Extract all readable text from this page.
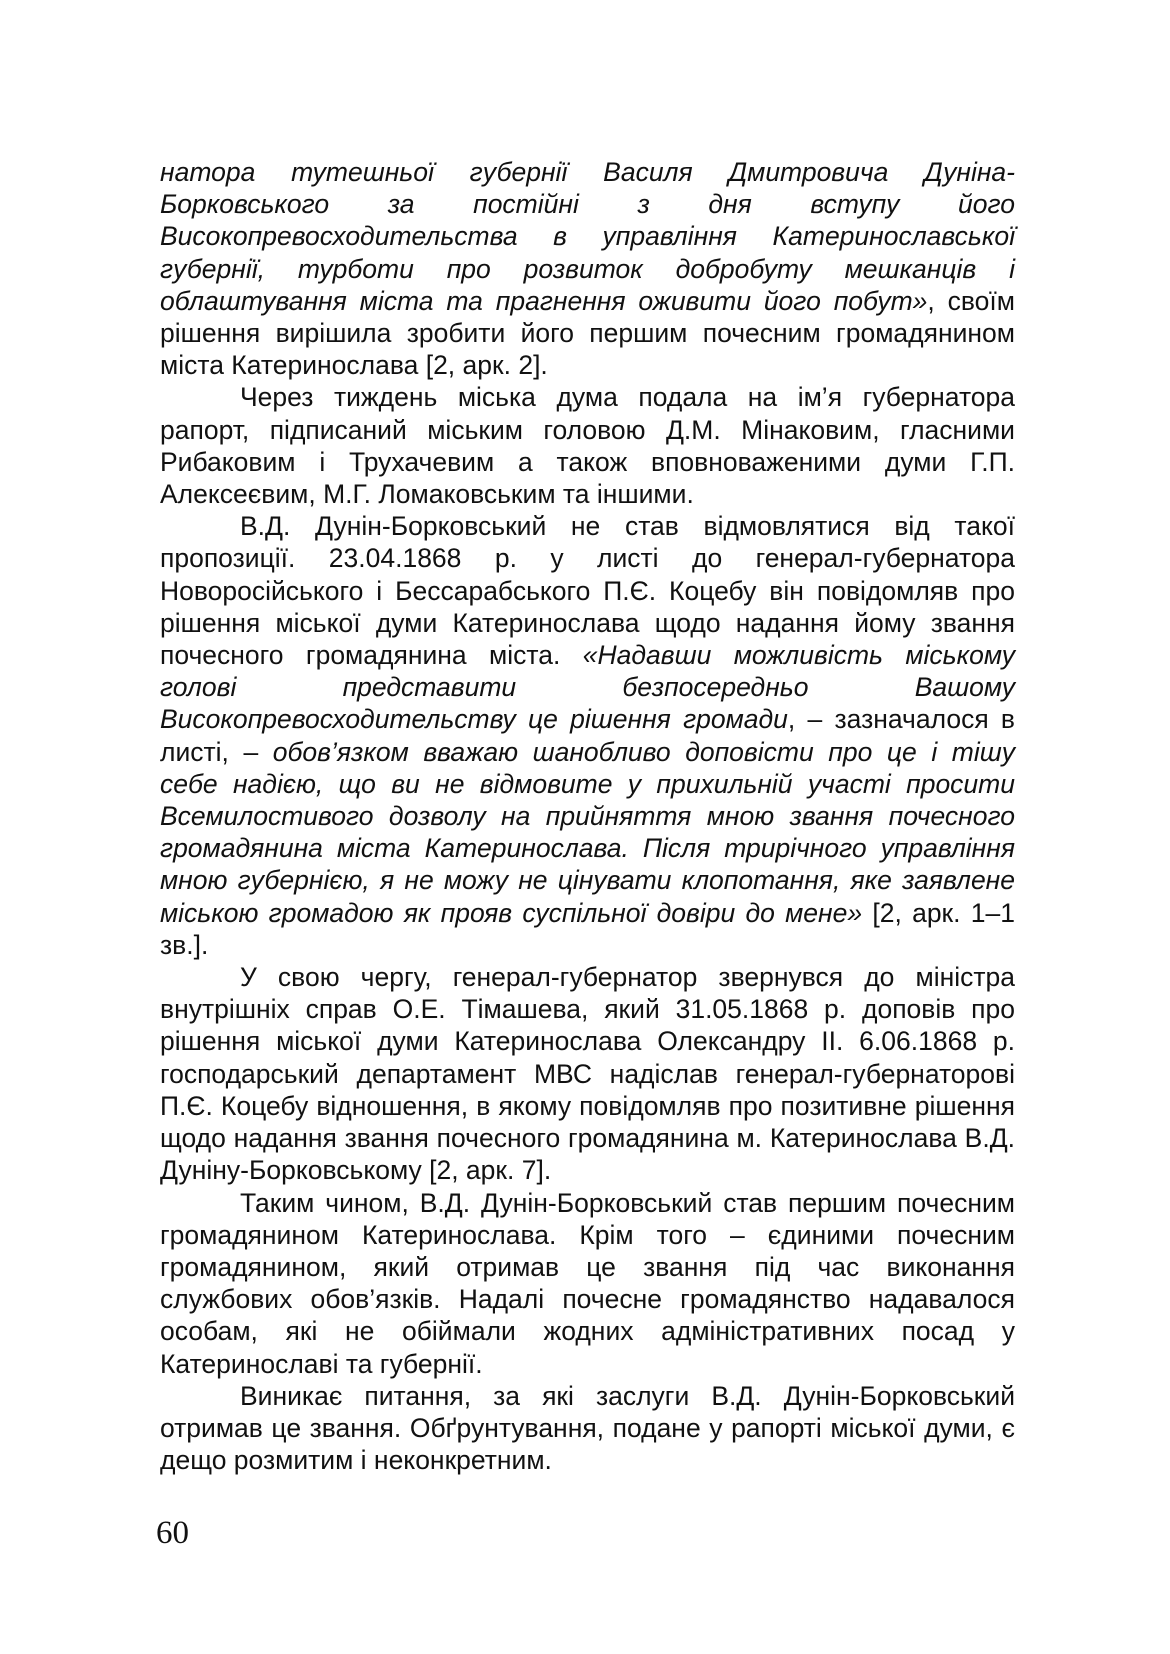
натора тутешньої губернії Василя Дмитровича Дуніна-Борковського за постійні з дня вступу його Високопревосходительства в управління Катеринославської губернії, турботи про розвиток добробуту мешканців і облаштування міста та прагнення оживити його побут», своїм рішення вирішила зробити його першим почесним громадянином міста Катеринослава [2, арк. 2].

Через тиждень міська дума подала на ім’я губернатора рапорт, підписаний міським головою Д.М. Мінаковим, гласними Рибаковим і Трухачевим а також вповноваженими думи Г.П. Алексеєвим, М.Г. Ломаковським та іншими.

В.Д. Дунін-Борковський не став відмовлятися від такої пропозиції. 23.04.1868 р. у листі до генерал-губернатора Новоросійського і Бессарабського П.Є. Коцебу він повідомляв про рішення міської думи Катеринослава щодо надання йому звання почесного громадянина міста. «Надавши можливість міському голові представити безпосередньо Вашому Високопревосходительству це рішення громади, – зазначалося в листі, – обов’язком вважаю шанобливо доповісти про це і тішу себе надією, що ви не відмовите у прихильній участі просити Всемилостивого дозволу на прийняття мною звання почесного громадянина міста Катеринослава. Після трирічного управління мною губернією, я не можу не цінувати клопотання, яке заявлене міською громадою як прояв суспільної довіри до мене» [2, арк. 1–1 зв.].

У свою чергу, генерал-губернатор звернувся до міністра внутрішніх справ О.Е. Тімашева, який 31.05.1868 р. доповів про рішення міської думи Катеринослава Олександру ІІ. 6.06.1868 р. господарський департамент МВС надіслав генерал-губернаторові П.Є. Коцебу відношення, в якому повідомляв про позитивне рішення щодо надання звання почесного громадянина м. Катеринослава В.Д. Дуніну-Борковському [2, арк. 7].

Таким чином, В.Д. Дунін-Борковський став першим почесним громадянином Катеринослава. Крім того – єдиними почесним громадянином, який отримав це звання під час виконання службових обов’язків. Надалі почесне громадянство надавалося особам, які не обіймали жодних адміністративних посад у Катеринославі та губернії.

Виникає питання, за які заслуги В.Д. Дунін-Борковський отримав це звання. Обґрунтування, подане у рапорті міської думи, є дещо розмитим і неконкретним.

60
